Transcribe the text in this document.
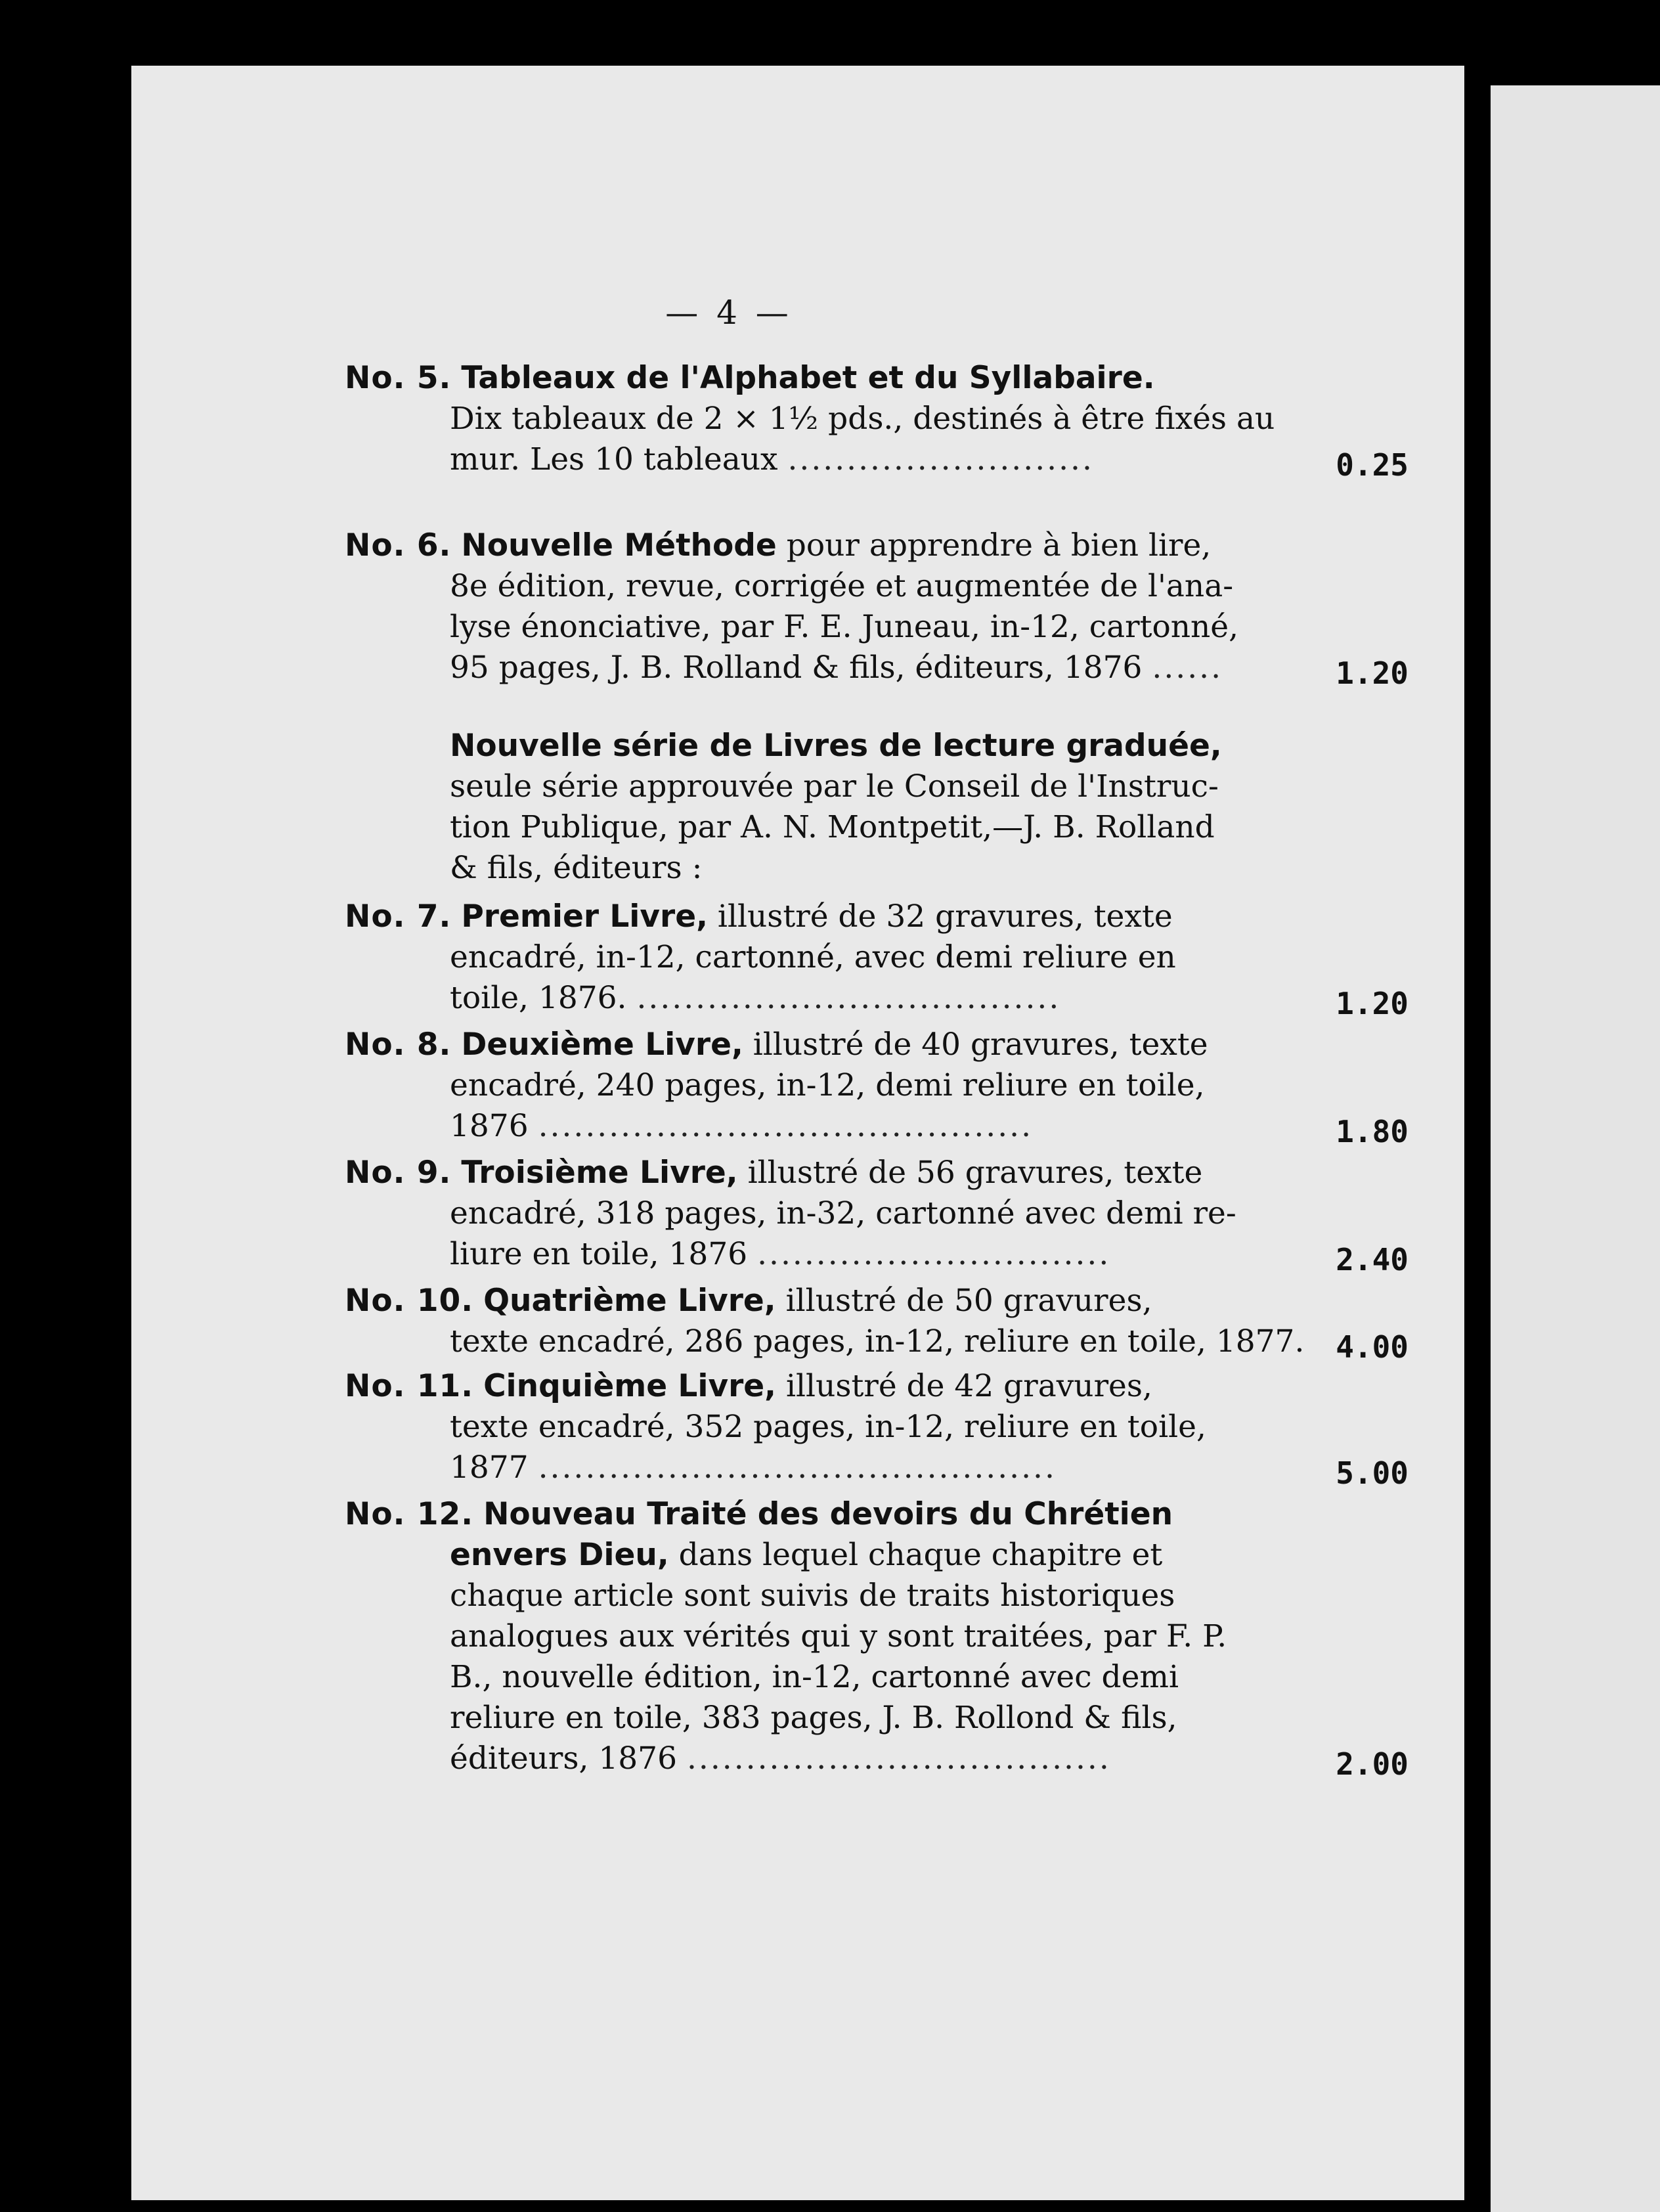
— 4 —
No. 5. Tableaux de l'Alphabet et du Syllabaire.
Dix tableaux de 2 × 1½ pds., destinés à être fixés au
mur. Les 10 tableaux ..........................	0.25
No. 6. Nouvelle Méthode pour apprendre à bien lire,
8e édition, revue, corrigée et augmentée de l'ana-
lyse énonciative, par F. E. Juneau, in-12, cartonné,
95 pages, J. B. Rolland & fils, éditeurs, 1876 ......	1.20
Nouvelle série de Livres de lecture graduée,
seule série approuvée par le Conseil de l'Instruc-
tion Publique, par A. N. Montpetit,—J. B. Rolland
& fils, éditeurs :
No. 7. Premier Livre, illustré de 32 gravures, texte
encadré, in-12, cartonné, avec demi reliure en
toile, 1876. ....................................	1.20
No. 8. Deuxième Livre, illustré de 40 gravures, texte
encadré, 240 pages, in-12, demi reliure en toile,
1876 ..........................................	1.80
No. 9. Troisième Livre, illustré de 56 gravures, texte
encadré, 318 pages, in-32, cartonné avec demi re-
liure en toile, 1876 ..............................	2.40
No. 10. Quatrième Livre, illustré de 50 gravures,
texte encadré, 286 pages, in-12, reliure en toile, 1877. 4.00
No. 11. Cinquième Livre, illustré de 42 gravures,
texte encadré, 352 pages, in-12, reliure en toile,
1877 ............................................	5.00
No. 12. Nouveau Traité des devoirs du Chrétien
envers Dieu, dans lequel chaque chapitre et
chaque article sont suivis de traits historiques
analogues aux vérités qui y sont traitées, par F. P.
B., nouvelle édition, in-12, cartonné avec demi
reliure en toile, 383 pages, J. B. Rollond & fils,
éditeurs, 1876 ....................................	2.00
